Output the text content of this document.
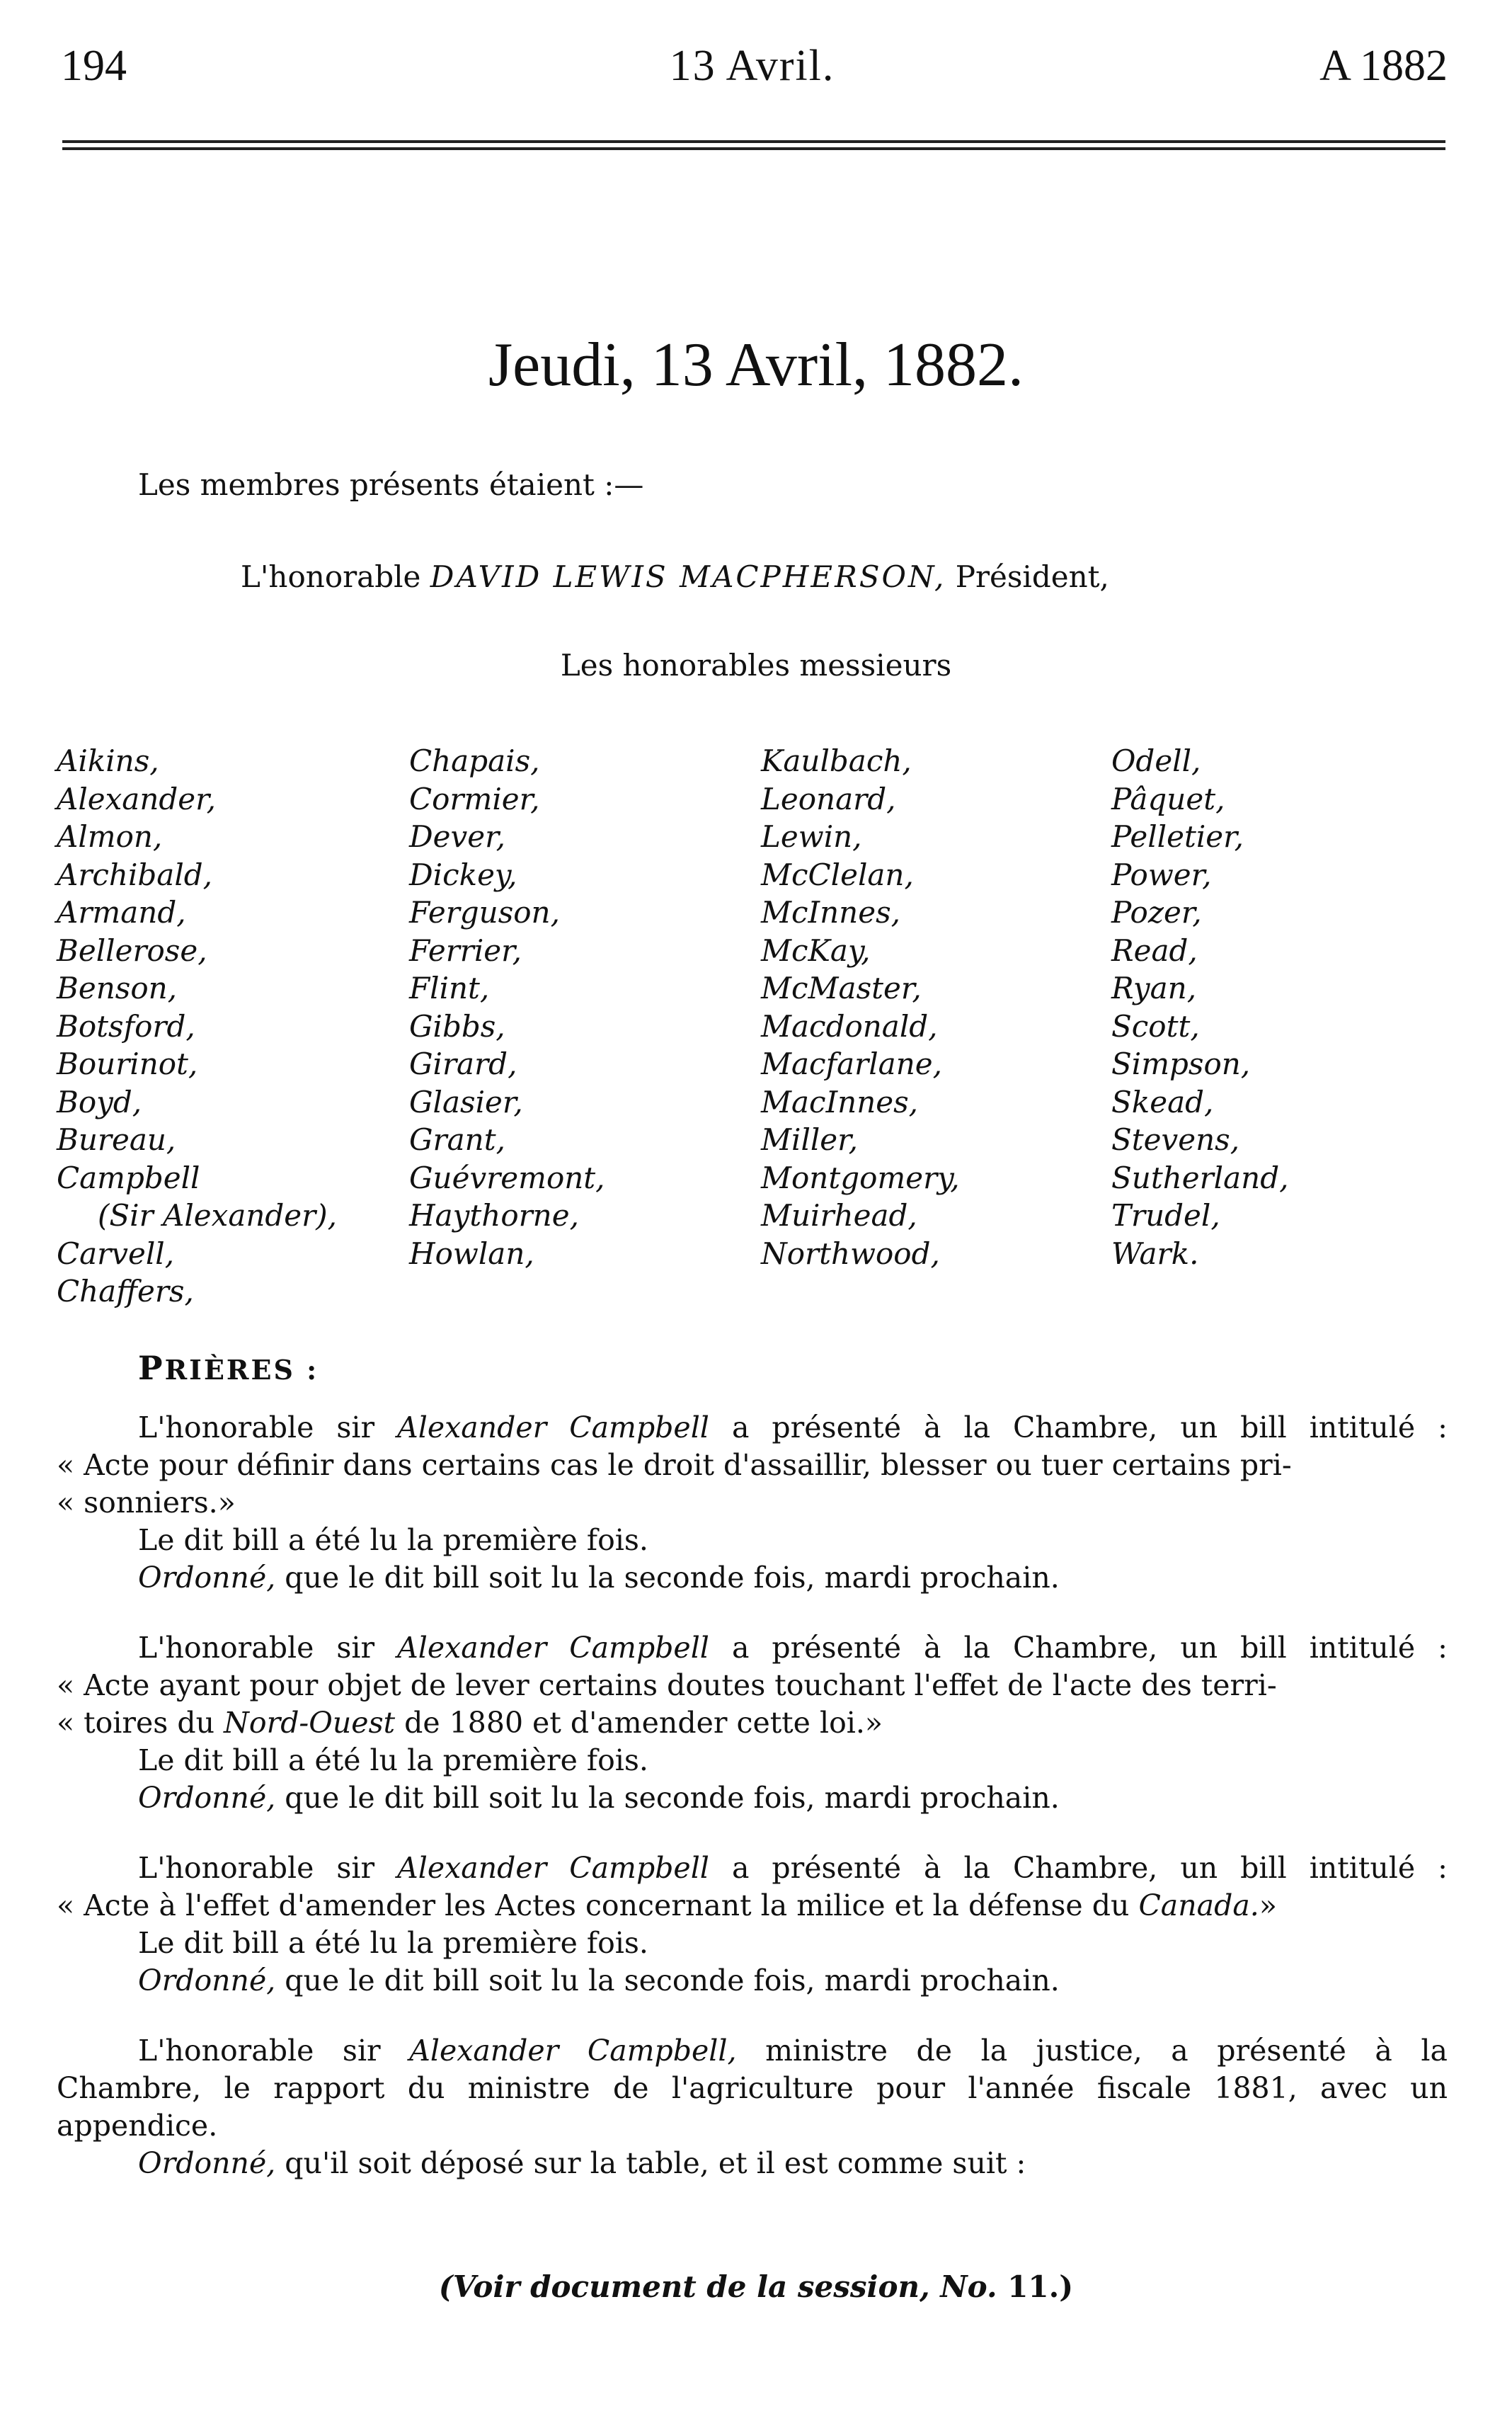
194	13 Avril.	A 1882
Jeudi, 13 Avril, 1882.
Les membres présents étaient :—
L'honorable DAVID LEWIS MACPHERSON, Président,
Les honorables messieurs
Aikins,
Alexander,
Almon,
Archibald,
Armand,
Bellerose,
Benson,
Botsford,
Bourinot,
Boyd,
Bureau,
Campbell
(Sir Alexander),
Carvell,
Chaffers,
Chapais,
Cormier,
Dever,
Dickey,
Ferguson,
Ferrier,
Flint,
Gibbs,
Girard,
Glasier,
Grant,
Guévremont,
Haythorne,
Howlan,
Kaulbach,
Leonard,
Lewin,
McClelan,
McInnes,
McKay,
McMaster,
Macdonald,
Macfarlane,
MacInnes,
Miller,
Montgomery,
Muirhead,
Northwood,
Odell,
Pâquet,
Pelletier,
Power,
Pozer,
Read,
Ryan,
Scott,
Simpson,
Skead,
Stevens,
Sutherland,
Trudel,
Wark.
PRIÈRES :

L'honorable sir Alexander Campbell a présenté à la Chambre, un bill intitulé :

« Acte pour définir dans certains cas le droit d'assaillir, blesser ou tuer certains pri-

« sonniers.»

Le dit bill a été lu la première fois.

Ordonné, que le dit bill soit lu la seconde fois, mardi prochain.

L'honorable sir Alexander Campbell a présenté à la Chambre, un bill intitulé :

« Acte ayant pour objet de lever certains doutes touchant l'effet de l'acte des terri-

« toires du Nord-Ouest de 1880 et d'amender cette loi.»

Le dit bill a été lu la première fois.

Ordonné, que le dit bill soit lu la seconde fois, mardi prochain.

L'honorable sir Alexander Campbell a présenté à la Chambre, un bill intitulé :

« Acte à l'effet d'amender les Actes concernant la milice et la défense du Canada.»

Le dit bill a été lu la première fois.

Ordonné, que le dit bill soit lu la seconde fois, mardi prochain.

L'honorable sir Alexander Campbell, ministre de la justice, a présenté à la

Chambre, le rapport du ministre de l'agriculture pour l'année fiscale 1881, avec un

appendice.

Ordonné, qu'il soit déposé sur la table, et il est comme suit :

(Voir document de la session, No. 11.)
